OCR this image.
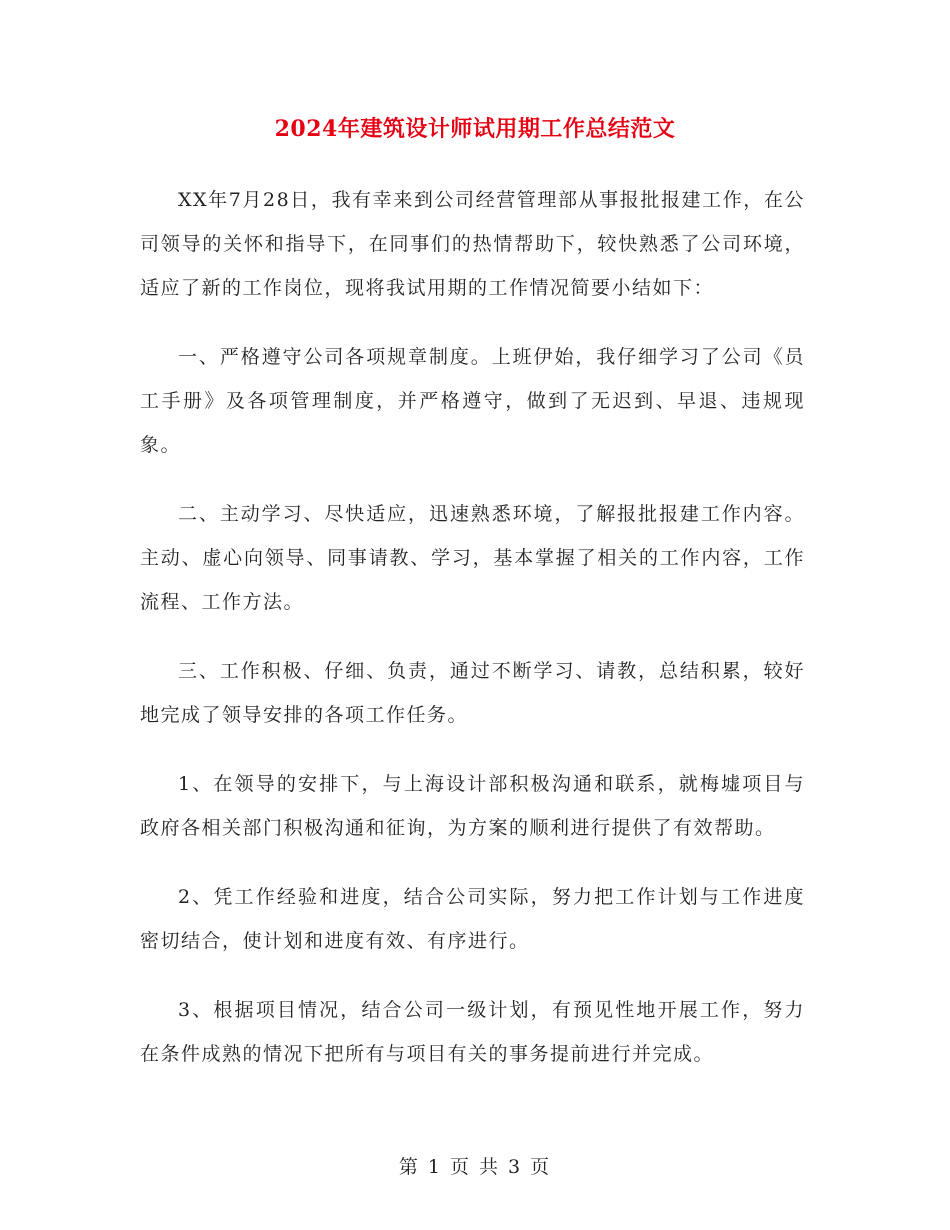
2024年建筑设计师试用期工作总结范文

XX年7月28日，我有幸来到公司经营管理部从事报批报建工作，在公司领导的关怀和指导下，在同事们的热情帮助下，较快熟悉了公司环境，适应了新的工作岗位，现将我试用期的工作情况简要小结如下：

一、严格遵守公司各项规章制度。上班伊始，我仔细学习了公司《员工手册》及各项管理制度，并严格遵守，做到了无迟到、早退、违规现象。

二、主动学习、尽快适应，迅速熟悉环境，了解报批报建工作内容。主动、虚心向领导、同事请教、学习，基本掌握了相关的工作内容，工作流程、工作方法。

三、工作积极、仔细、负责，通过不断学习、请教，总结积累，较好地完成了领导安排的各项工作任务。

1、在领导的安排下，与上海设计部积极沟通和联系，就梅墟项目与政府各相关部门积极沟通和征询，为方案的顺利进行提供了有效帮助。

2、凭工作经验和进度，结合公司实际，努力把工作计划与工作进度密切结合，使计划和进度有效、有序进行。

3、根据项目情况，结合公司一级计划，有预见性地开展工作，努力在条件成熟的情况下把所有与项目有关的事务提前进行并完成。

第 1 页 共 3 页
